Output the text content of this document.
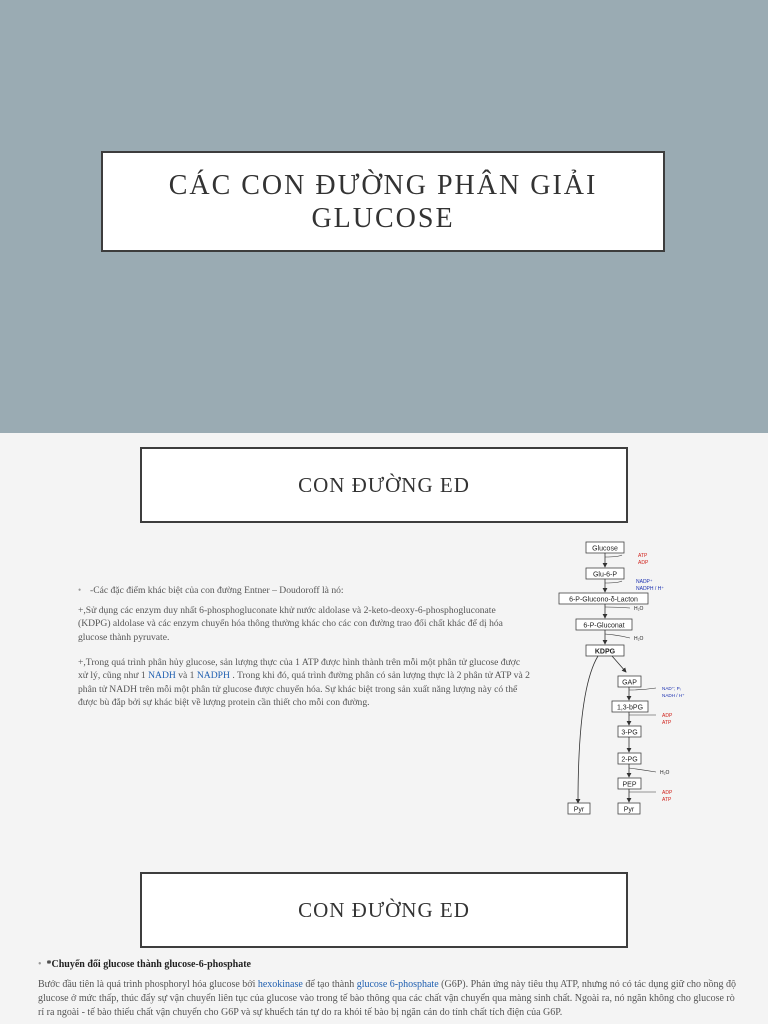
CÁC CON ĐƯỜNG PHÂN GIẢI
GLUCOSE
CON ĐƯỜNG ED
• -Các đặc điểm khác biệt của con đường Entner – Doudoroff là nó:

+,Sử dụng các enzym duy nhất 6-phosphogluconate khử nước aldolase và 2-keto-deoxy-6-phosphogluconate (KDPG) aldolase và các enzym chuyển hóa thông thường khác cho các con đường trao đổi chất khác để dị hóa glucose thành pyruvate.

+,Trong quá trình phân hủy glucose, sản lượng thực của 1 ATP được hình thành trên mỗi một phân tử glucose được xử lý, cũng như 1 NADH và 1 NADPH . Trong khi đó, quá trình đường phân có sản lượng thực là 2 phân tử ATP và 2 phân tử NADH trên mỗi một phân tử glucose được chuyển hóa. Sự khác biệt trong sản xuất năng lượng này có thể được bù đắp bởi sự khác biệt về lượng protein cần thiết cho mỗi con đường.

Glucose
ATP
ADP
Glu-6-P
NADP⁺
NADPH / H⁺
6-P-Glucono-δ-Lacton
H₂O
6-P-Gluconat
H₂O
KDPG
GAP
NAD⁺; Pᵢ
NADH / H⁺
1,3-bPG
ADP
ATP
3-PG
2-PG
H₂O
PEP
ADP
ATP
Pyr	Pyr
CON ĐƯỜNG ED
•  *Chuyển đổi glucose thành glucose-6-phosphate
Bước đầu tiên là quá trình phosphoryl hóa glucose bởi hexokinase để tạo thành glucose 6-phosphate (G6P). Phản ứng này tiêu thụ ATP, nhưng nó có tác dụng giữ cho nồng độ glucose ở mức thấp, thúc đẩy sự vận chuyển liên tục của glucose vào trong tế bào thông qua các chất vận chuyển qua màng sinh chất. Ngoài ra, nó ngăn không cho glucose rò rỉ ra ngoài - tế bào thiếu chất vận chuyển cho G6P và sự khuếch tán tự do ra khỏi tế bào bị ngăn cản do tính chất tích điện của G6P.
